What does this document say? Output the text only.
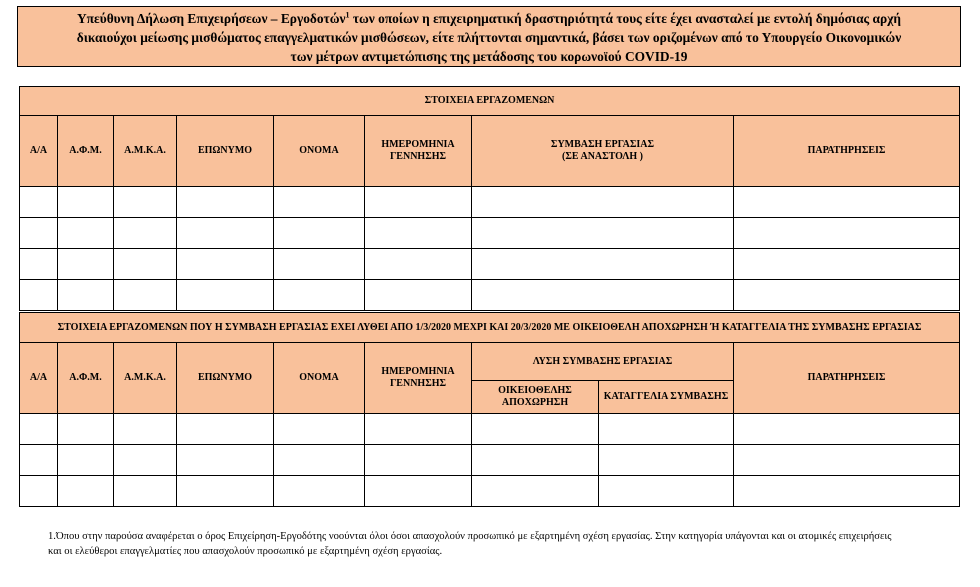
Υπεύθυνη Δήλωση Επιχειρήσεων – Εργοδοτών$^1$ των οποίων η επιχειρηματική δραστηριότητά τους είτε έχει ανασταλεί με εντολή δημόσιας αρχή
δικαιούχοι μείωσης μισθώματος επαγγελματικών μισθώσεων, είτε πλήττονται σημαντικά, βάσει των οριζομένων από το Υπουργείο Οικονομικών
των μέτρων αντιμετώπισης της μετάδοσης του κορωνοϊού COVID-19
ΣΤΟΙΧΕΙΑ ΕΡΓΑΖΟΜΕΝΩΝ							
Α/Α	Α.Φ.Μ.	Α.Μ.Κ.Α.	ΕΠΩΝΥΜΟ	ΟΝΟΜΑ	ΗΜΕΡΟΜΗΝΙΑ ΓΕΝΝΗΣΗΣ	ΣΥΜΒΑΣΗ ΕΡΓΑΣΙΑΣ
(ΣΕ ΑΝΑΣΤΟΛΗ )	ΠΑΡΑΤΗΡΗΣΕΙΣ

ΣΤΟΙΧΕΙΑ ΕΡΓΑΖΟΜΕΝΩΝ ΠΟΥ Η ΣΥΜΒΑΣΗ ΕΡΓΑΣΙΑΣ ΕΧΕΙ ΛΥΘΕΙ ΑΠΟ 1/3/2020 ΜΕΧΡΙ ΚΑΙ 20/3/2020 ΜΕ ΟΙΚΕΙΟΘΕΛΗ ΑΠΟΧΩΡΗΣΗ Ή ΚΑΤΑΓΓΕΛΙΑ ΤΗΣ ΣΥΜΒΑΣΗΣ ΕΡΓΑΣΙΑΣ								
Α/Α	Α.Φ.Μ.	Α.Μ.Κ.Α.	ΕΠΩΝΥΜΟ	ΟΝΟΜΑ	ΗΜΕΡΟΜΗΝΙΑ ΓΕΝΝΗΣΗΣ	ΛΥΣΗ ΣΥΜΒΑΣΗΣ ΕΡΓΑΣΙΑΣ		ΠΑΡΑΤΗΡΗΣΕΙΣ
						ΟΙΚΕΙΟΘΕΛΗΣ ΑΠΟΧΩΡΗΣΗ	ΚΑΤΑΓΓΕΛΙΑ ΣΥΜΒΑΣΗΣ	

1.Όπου στην παρούσα αναφέρεται ο όρος Επιχείρηση-Εργοδότης νοούνται όλοι όσοι απασχολούν προσωπικό με εξαρτημένη σχέση εργασίας. Στην κατηγορία υπάγονται και οι ατομικές επιχειρήσεις
και οι ελεύθεροι επαγγελματίες που απασχολούν προσωπικό με εξαρτημένη σχέση εργασίας.
